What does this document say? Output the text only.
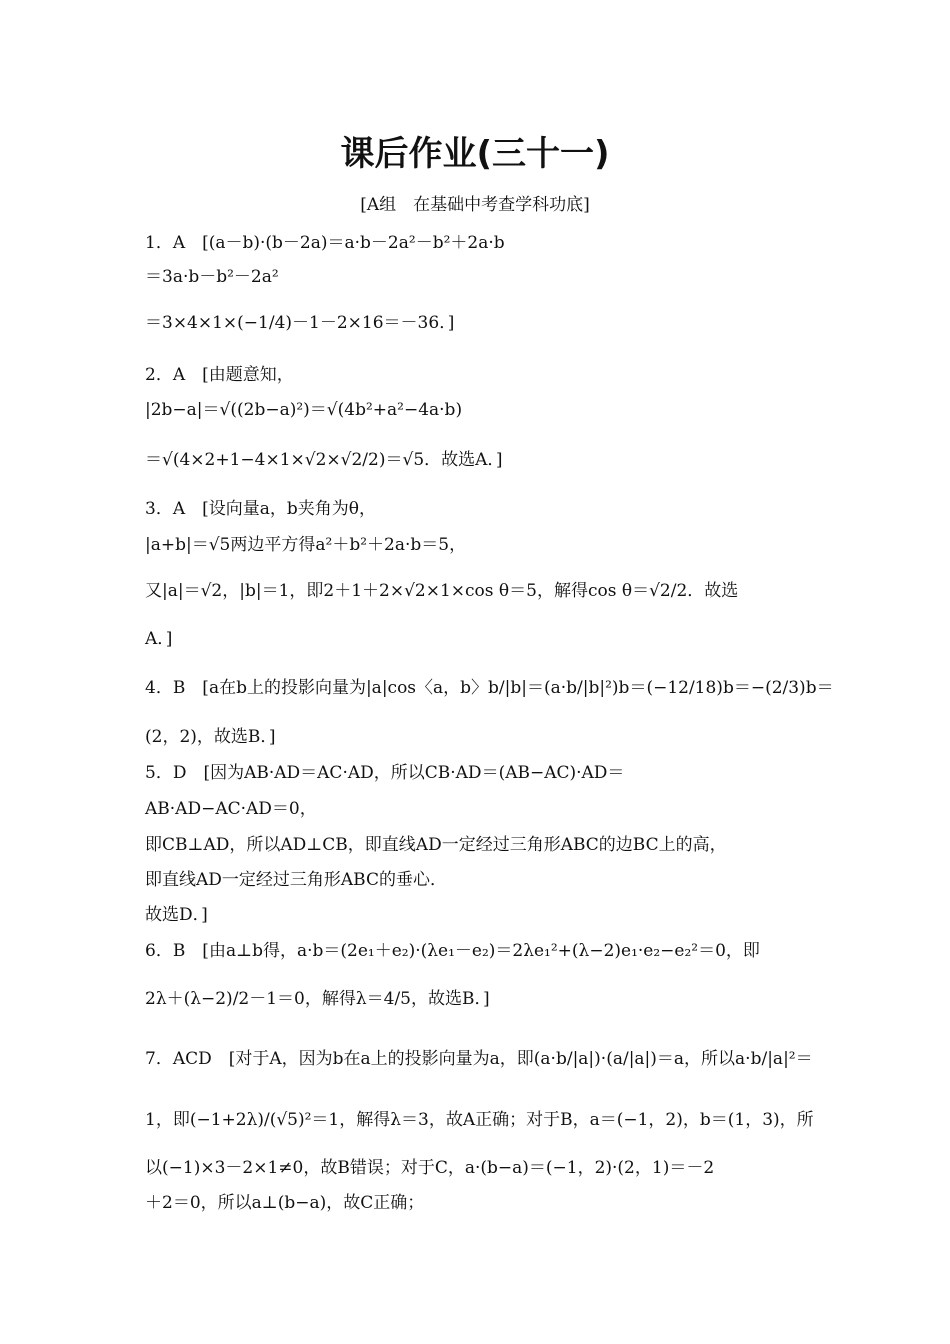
课后作业(三十一)
[A组　在基础中考查学科功底]
1．A　[(a－b)·(b－2a)＝a·b－2a²－b²＋2a·b
＝3a·b－b²－2a²
＝3×4×1×(−1/4)－1－2×16＝－36．]
2．A　[由题意知，
|2b−a|＝√((2b−a)²)＝√(4b²+a²−4a·b)
＝√(4×2+1−4×1×√2×√2/2)＝√5．故选A．]
3．A　[设向量a，b夹角为θ，
|a+b|＝√5两边平方得a²＋b²＋2a·b＝5，
又|a|＝√2，|b|＝1，即2＋1＋2×√2×1×cos θ＝5，解得cos θ＝√2/2．故选
A．]
4．B　[a在b上的投影向量为|a|cos〈a，b〉b/|b|＝(a·b/|b|²)b＝(−12/18)b＝−(2/3)b＝
(2，2)，故选B．]
5．D　[因为AB·AD＝AC·AD，所以CB·AD＝(AB−AC)·AD＝
AB·AD−AC·AD＝0，
即CB⊥AD，所以AD⊥CB，即直线AD一定经过三角形ABC的边BC上的高，
即直线AD一定经过三角形ABC的垂心．
故选D．]
6．B　[由a⊥b得，a·b＝(2e₁＋e₂)·(λe₁－e₂)＝2λe₁²+(λ−2)e₁·e₂−e₂²＝0，即
2λ＋(λ−2)/2－1＝0，解得λ＝4/5，故选B．]
7．ACD　[对于A，因为b在a上的投影向量为a，即(a·b/|a|)·(a/|a|)＝a，所以a·b/|a|²＝
1，即(−1+2λ)/(√5)²＝1，解得λ＝3，故A正确；对于B，a＝(−1，2)，b＝(1，3)，所
以(−1)×3－2×1≠0，故B错误；对于C，a·(b−a)＝(−1，2)·(2，1)＝－2
＋2＝0，所以a⊥(b−a)，故C正确；
